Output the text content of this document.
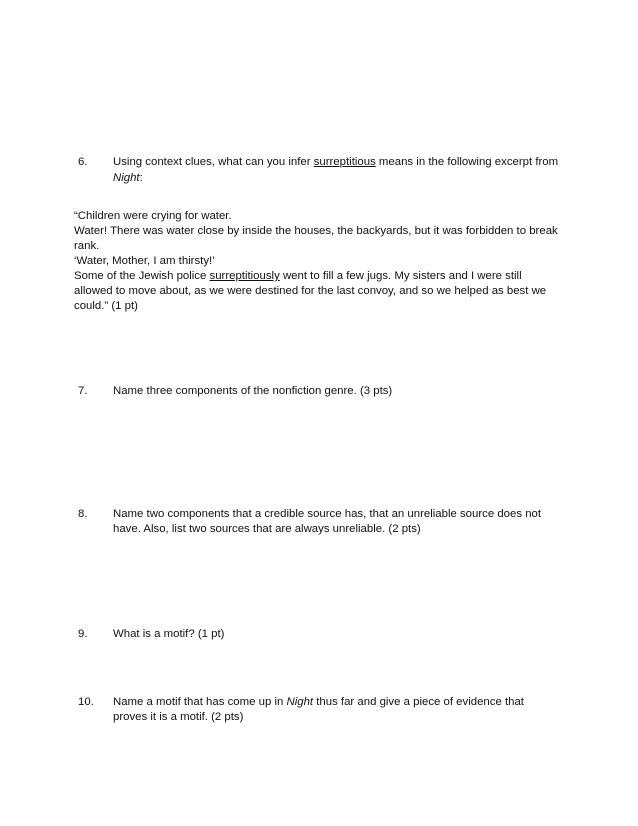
6. Using context clues, what can you infer surreptitious means in the following excerpt from
Night:
“Children were crying for water.
Water! There was water close by inside the houses, the backyards, but it was forbidden to break
rank.
‘Water, Mother, I am thirsty!’
Some of the Jewish police surreptitiously went to fill a few jugs. My sisters and I were still
allowed to move about, as we were destined for the last convoy, and so we helped as best we
could.” (1 pt)
7. Name three components of the nonfiction genre. (3 pts)
8. Name two components that a credible source has, that an unreliable source does not
have. Also, list two sources that are always unreliable. (2 pts)
9. What is a motif? (1 pt)
10. Name a motif that has come up in Night thus far and give a piece of evidence that
proves it is a motif. (2 pts)
